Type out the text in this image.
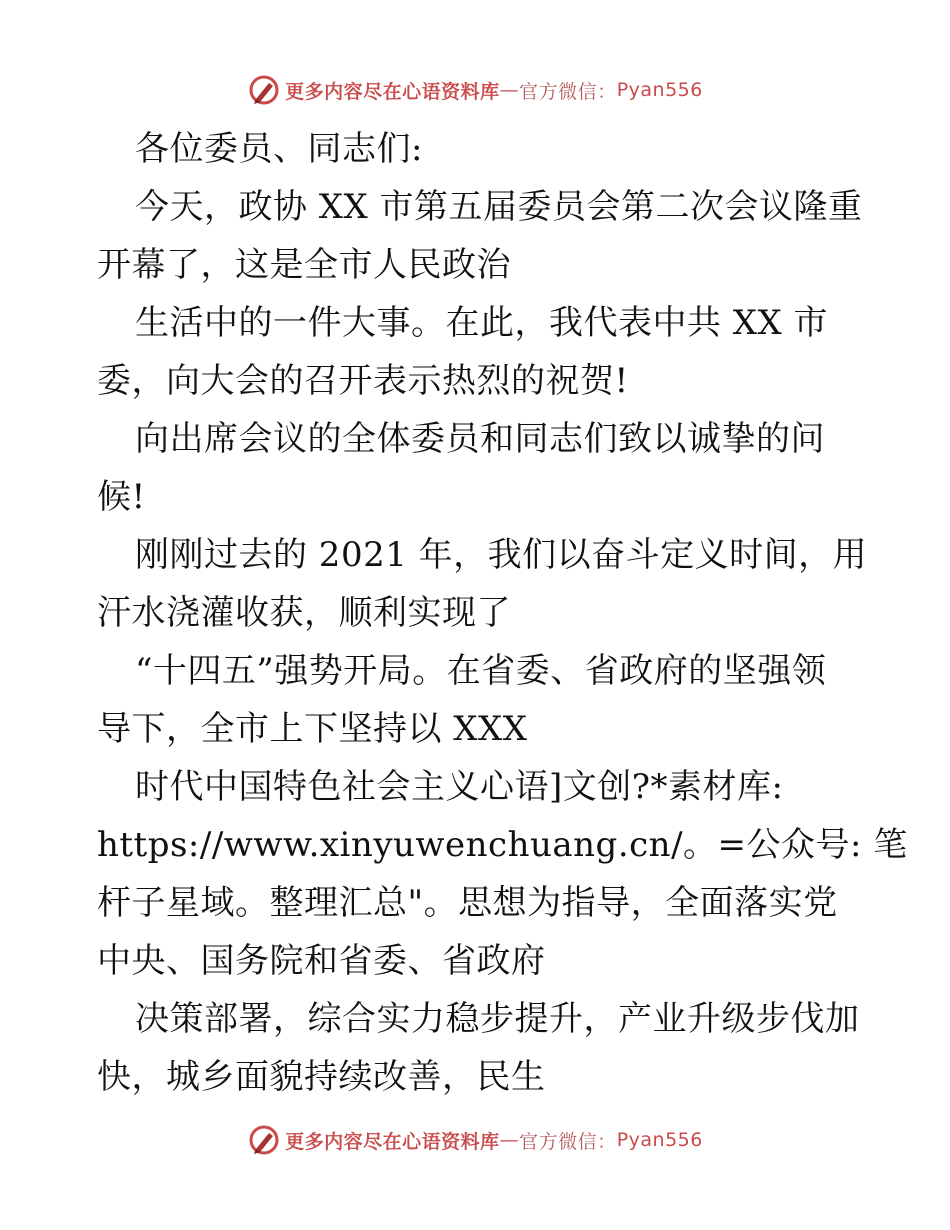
更多内容尽在心语资料库 — 官方微信： Pyan556
各位委员、同志们:
今天，政协 XX 市第五届委员会第二次会议隆重
开幕了，这是全市人民政治
生活中的一件大事。在此，我代表中共 XX 市
委，向大会的召开表示热烈的祝贺!
向出席会议的全体委员和同志们致以诚挚的问
候!
刚刚过去的 2021 年，我们以奋斗定义时间，用
汗水浇灌收获，顺利实现了
“十四五”强势开局。在省委、省政府的坚强领
导下，全市上下坚持以 XXX
时代中国特色社会主义心语]文创?*素材库:
https://www.xinyuwenchuang.cn/。=公众号: 笔
杆子星域。整理汇总"。思想为指导，全面落实党
中央、国务院和省委、省政府
决策部署，综合实力稳步提升，产业升级步伐加
快，城乡面貌持续改善，民生
更多内容尽在心语资料库 — 官方微信： Pyan556
